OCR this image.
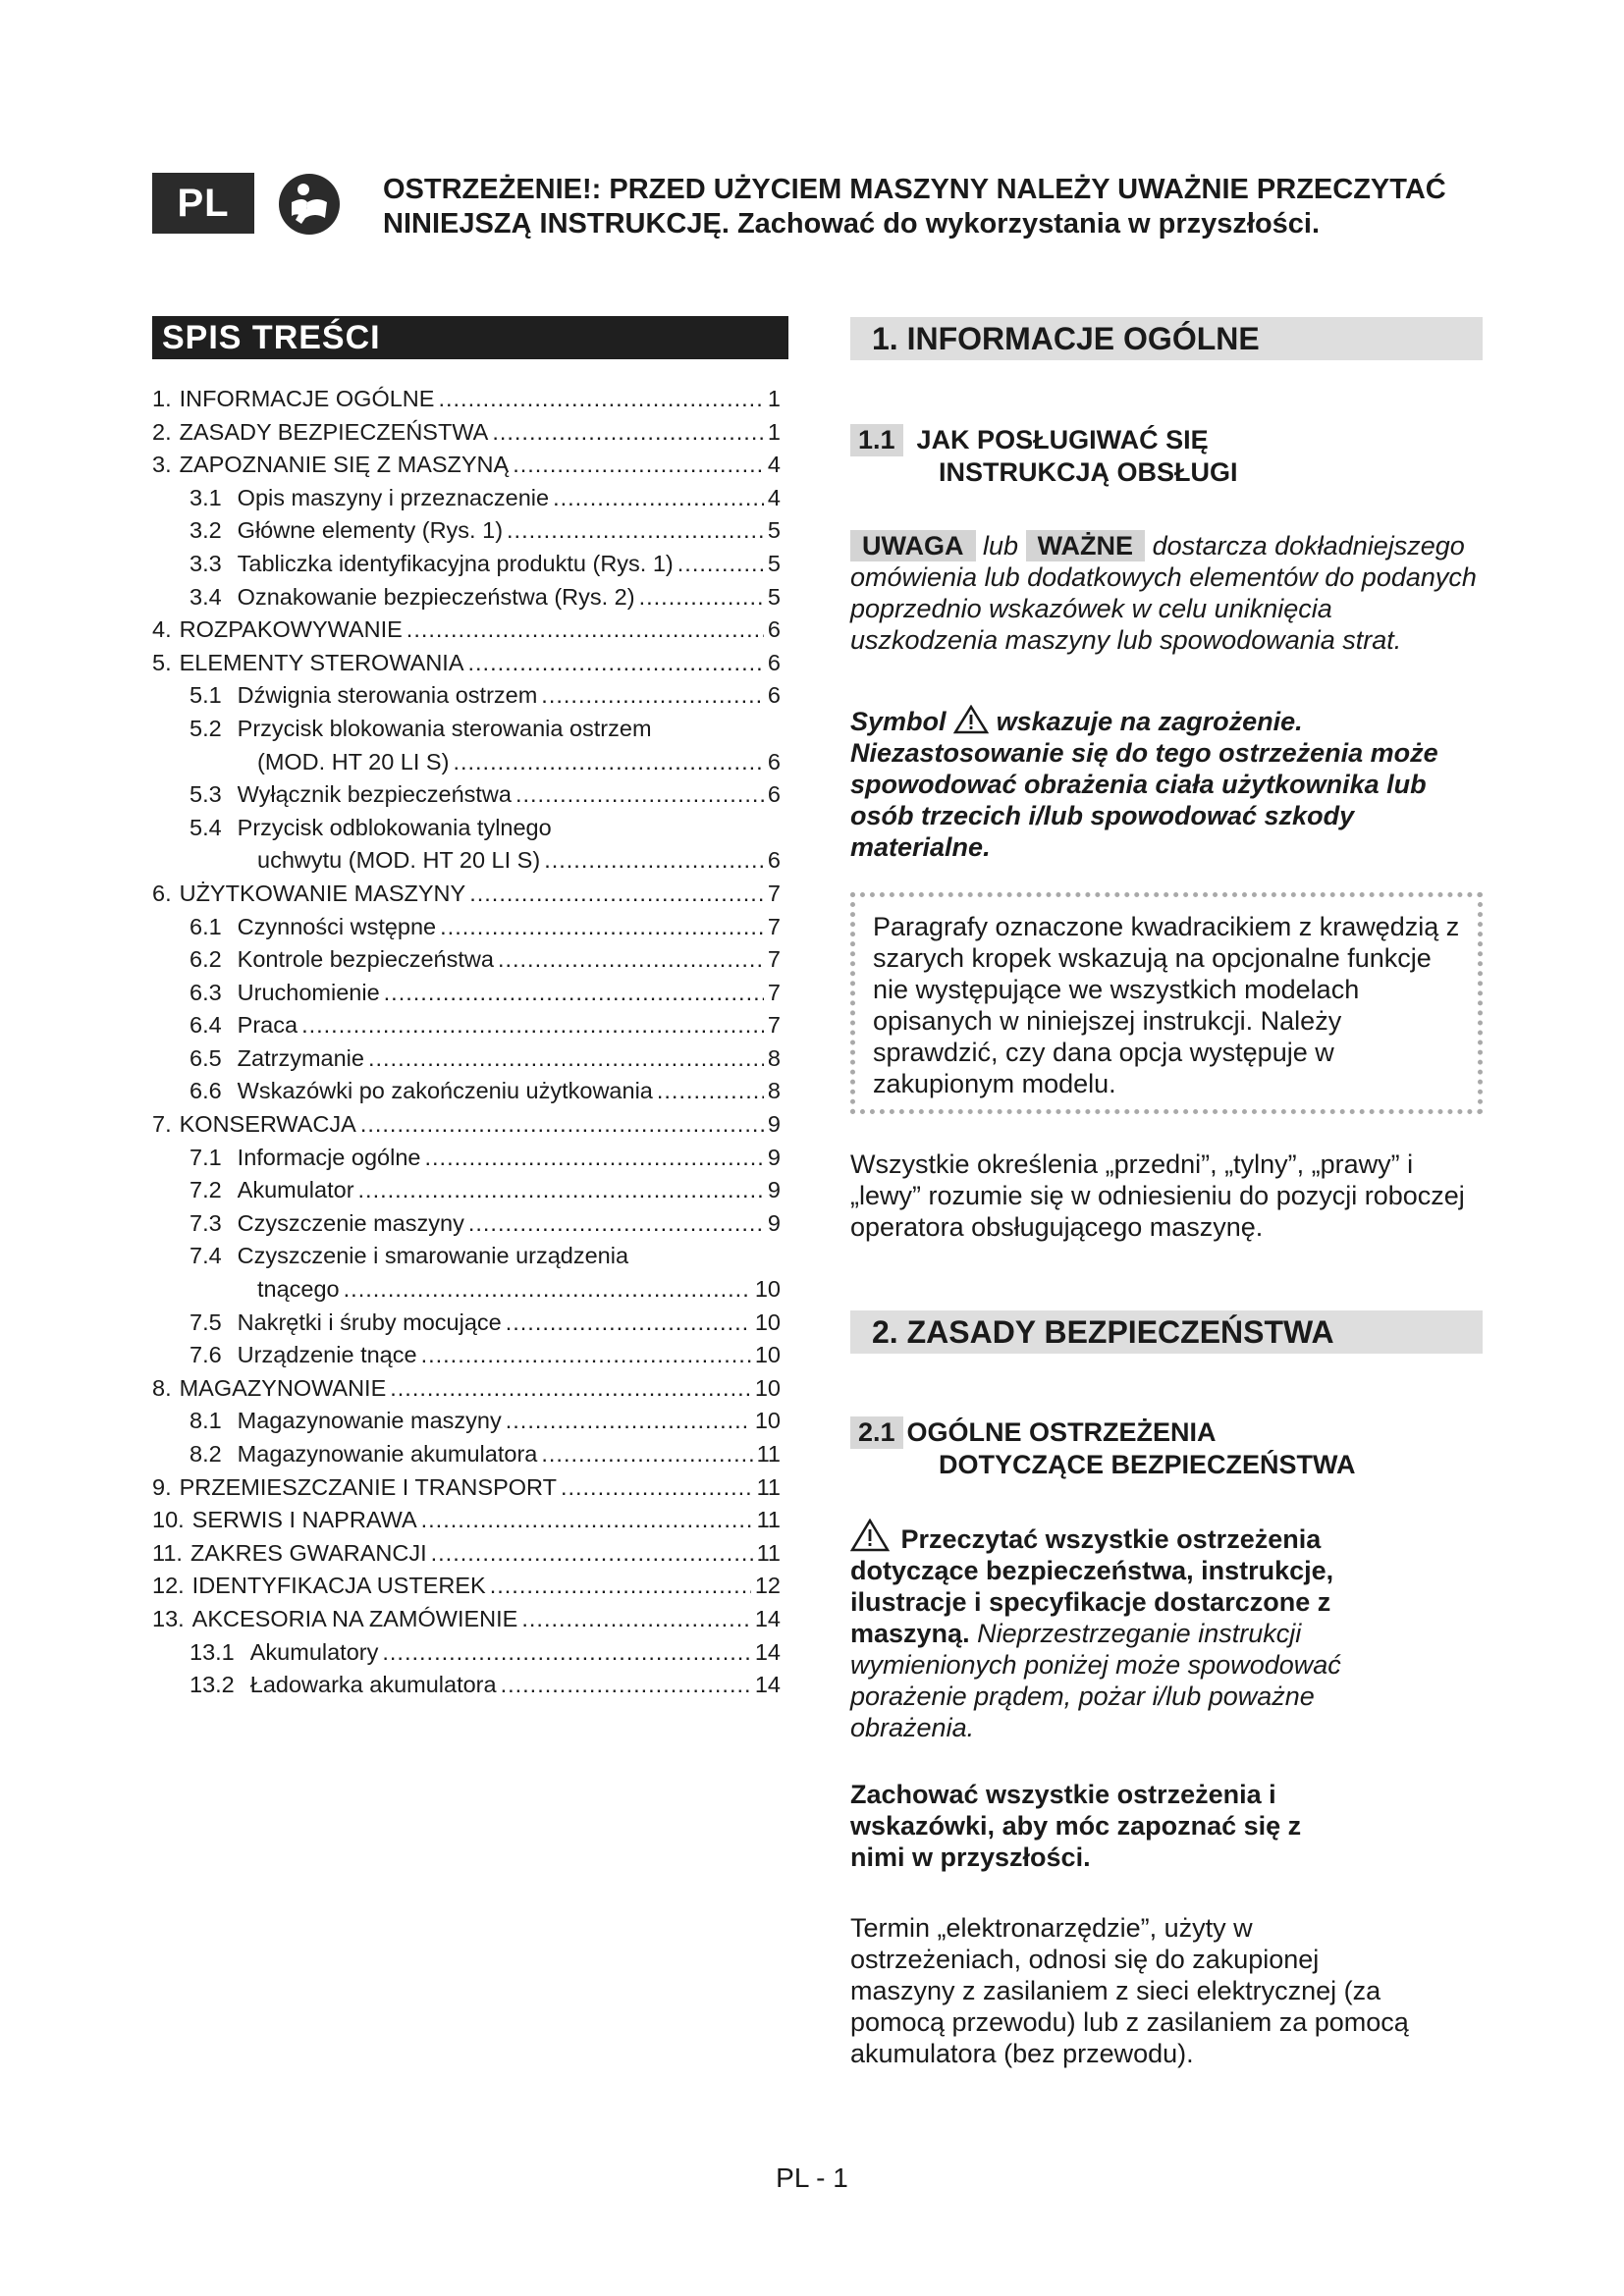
PL	OSTRZEŻENIE!: PRZED UŻYCIEM MASZYNY NALEŻY UWAŻNIE PRZECZYTAĆ NINIEJSZĄ INSTRUKCJĘ. Zachować do wykorzystania w przyszłości.
SPIS TREŚCI
1. INFORMACJE OGÓLNE .....	1
2. ZASADY BEZPIECZEŃSTWA .....	1
3. ZAPOZNANIE SIĘ Z MASZYNĄ .....	4
3.1 Opis maszyny i przeznaczenie .....	4
3.2 Główne elementy (Rys. 1) .....	5
3.3 Tabliczka identyfikacyjna produktu (Rys. 1) .....	5
3.4 Oznakowanie bezpieczeństwa (Rys. 2) .....	5
4. ROZPAKOWYWANIE .....	6
5. ELEMENTY STEROWANIA .....	6
5.1 Dźwignia sterowania ostrzem .....	6
5.2 Przycisk blokowania sterowania ostrzem
(MOD. HT 20 LI S) .....	6
5.3 Wyłącznik bezpieczeństwa .....	6
5.4 Przycisk odblokowania tylnego
uchwytu (MOD. HT 20 LI S) .....	6
6. UŻYTKOWANIE MASZYNY .....	7
6.1 Czynności wstępne .....	7
6.2 Kontrole bezpieczeństwa .....	7
6.3 Uruchomienie .....	7
6.4 Praca .....	7
6.5 Zatrzymanie .....	8
6.6 Wskazówki po zakończeniu użytkowania .....	8
7. KONSERWACJA .....	9
7.1 Informacje ogólne .....	9
7.2 Akumulator .....	9
7.3 Czyszczenie maszyny .....	9
7.4 Czyszczenie i smarowanie urządzenia
tnącego .....	10
7.5 Nakrętki i śruby mocujące .....	10
7.6 Urządzenie tnące .....	10
8. MAGAZYNOWANIE .....	10
8.1 Magazynowanie maszyny .....	10
8.2 Magazynowanie akumulatora .....	11
9. PRZEMIESZCZANIE I TRANSPORT .....	11
10. SERWIS I NAPRAWA .....	11
11. ZAKRES GWARANCJI .....	11
12. IDENTYFIKACJA USTEREK .....	12
13. AKCESORIA NA ZAMÓWIENIE .....	14
13.1 Akumulatory .....	14
13.2 Ładowarka akumulatora .....	14
1. INFORMACJE OGÓLNE
1.1 JAK POSŁUGIWAĆ SIĘ
INSTRUKCJĄ OBSŁUGI
UWAGA lub WAŻNE dostarcza dokładniejszego omówienia lub dodatkowych elementów do podanych poprzednio wskazówek w celu uniknięcia uszkodzenia maszyny lub spowodowania strat.
Symbol wskazuje na zagrożenie. Niezastosowanie się do tego ostrzeżenia może spowodować obrażenia ciała użytkownika lub osób trzecich i/lub spowodować szkody materialne.
Paragrafy oznaczone kwadracikiem z krawędzią z szarych kropek wskazują na opcjonalne funkcje nie występujące we wszystkich modelach opisanych w niniejszej instrukcji. Należy sprawdzić, czy dana opcja występuje w zakupionym modelu.
Wszystkie określenia „przedni”, „tylny”, „prawy” i „lewy” rozumie się w odniesieniu do pozycji roboczej operatora obsługującego maszynę.
2. ZASADY BEZPIECZEŃSTWA
2.1 OGÓLNE OSTRZEŻENIA
DOTYCZĄCE BEZPIECZEŃSTWA
Przeczytać wszystkie ostrzeżenia dotyczące bezpieczeństwa, instrukcje, ilustracje i specyfikacje dostarczone z maszyną. Nieprzestrzeganie instrukcji wymienionych poniżej może spowodować porażenie prądem, pożar i/lub poważne obrażenia.
Zachować wszystkie ostrzeżenia i wskazówki, aby móc zapoznać się z nimi w przyszłości.
Termin „elektronarzędzie”, użyty w ostrzeżeniach, odnosi się do zakupionej maszyny z zasilaniem z sieci elektrycznej (za pomocą przewodu) lub z zasilaniem za pomocą akumulatora (bez przewodu).
PL - 1
